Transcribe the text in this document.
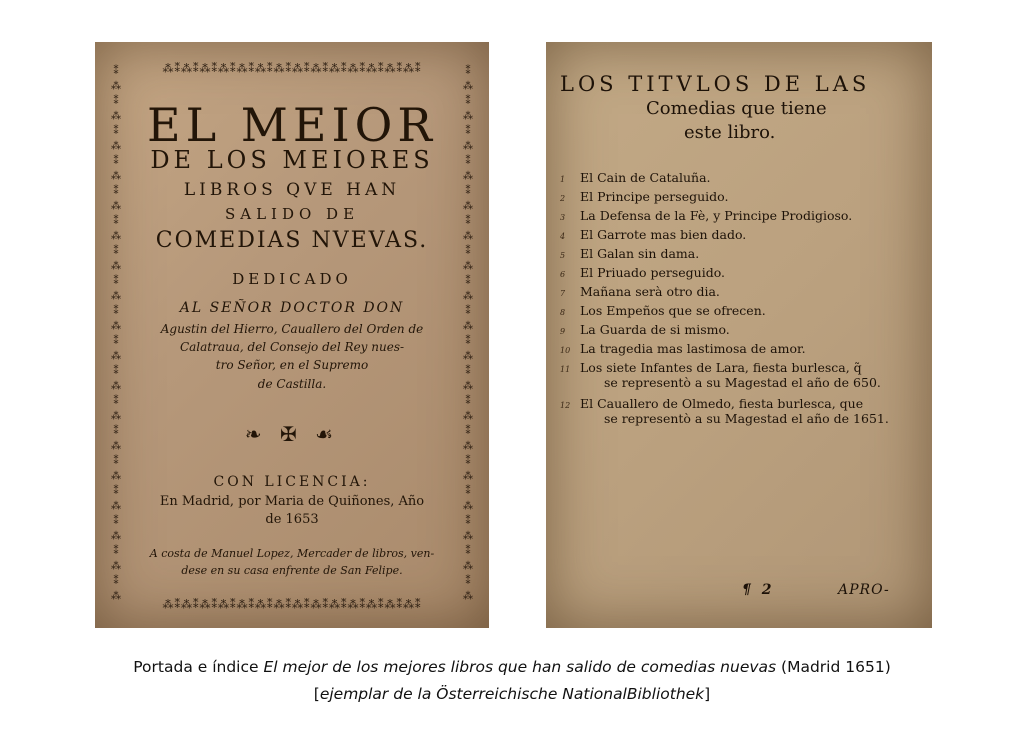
⁂⁑⁂⁑⁂⁑⁂⁑⁂⁑⁂⁑⁂⁑⁂⁑⁂⁑⁂⁑⁂⁑⁂⁑⁂⁑⁂⁑
⁂⁑⁂⁑⁂⁑⁂⁑⁂⁑⁂⁑⁂⁑⁂⁑⁂⁑⁂⁑⁂⁑⁂⁑⁂⁑⁂⁑
⁑⁂⁑⁂⁑⁂⁑⁂⁑⁂⁑⁂⁑⁂⁑⁂⁑⁂⁑⁂⁑⁂⁑⁂⁑⁂⁑⁂⁑⁂⁑⁂⁑⁂⁑⁂
⁑⁂⁑⁂⁑⁂⁑⁂⁑⁂⁑⁂⁑⁂⁑⁂⁑⁂⁑⁂⁑⁂⁑⁂⁑⁂⁑⁂⁑⁂⁑⁂⁑⁂⁑⁂

EL MEIOR

DE LOS MEIORES

LIBROS QVE HAN

SALIDO DE

COMEDIAS NVEVAS.

DEDICADO

AL SEÑOR DOCTOR DON

Agustin del Hierro, Cauallero del Orden de

Calatraua, del Consejo del Rey nues-

tro Señor, en el Supremo

de Castilla.

❧ ✠ ☙

CON LICENCIA:

En Madrid, por Maria de Quiñones, Año

de 1653

A costa de Manuel Lopez, Mercader de libros, ven-

dese en su casa enfrente de San Felipe.

LOS TITVLOS DE LAS

Comedias que tiene

este libro.

1 El Cain de Cataluña.
2 El Principe perseguido.
3 La Defensa de la Fè, y Principe Prodigioso.
4 El Garrote mas bien dado.
5 El Galan sin dama.
6 El Priuado perseguido.
7 Mañana serà otro dia.
8 Los Empeños que se ofrecen.
9 La Guarda de si mismo.
10 La tragedia mas lastimosa de amor.
11 Los siete Infantes de Lara, fiesta burlesca, q̃
se representò a su Magestad el año de 650.
12 El Cauallero de Olmedo, fiesta burlesca, que
se representò a su Magestad el año de 1651.

¶ 2	APRO-

Portada e índice El mejor de los mejores libros que han salido de comedias nuevas (Madrid 1651)
[ejemplar de la Österreichische NationalBibliothek]
